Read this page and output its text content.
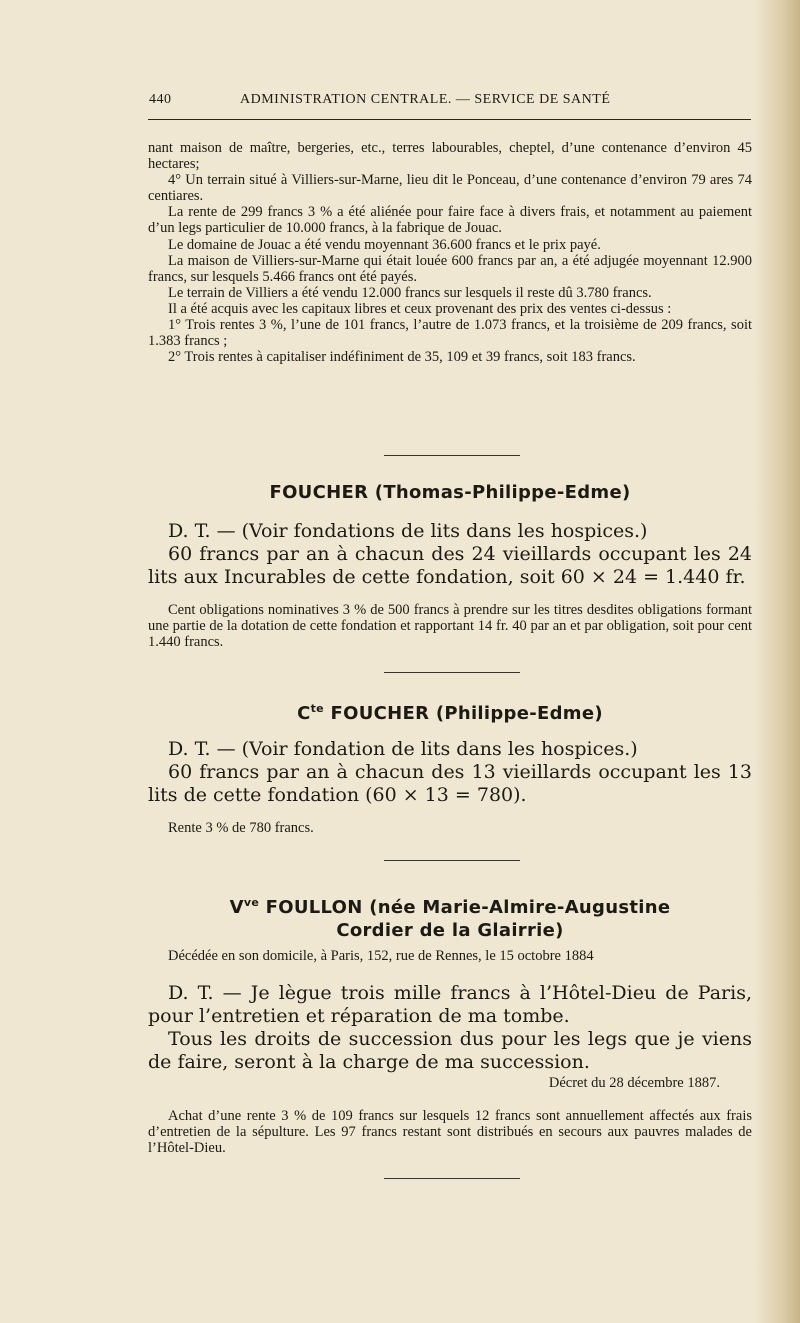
440	ADMINISTRATION CENTRALE. — SERVICE DE SANTÉ

nant maison de maître, bergeries, etc., terres labourables, cheptel, d’une contenance d’environ 45 hectares;

4° Un terrain situé à Villiers-sur-Marne, lieu dit le Ponceau, d’une contenance d’environ 79 ares 74 centiares.

La rente de 299 francs 3 % a été aliénée pour faire face à divers frais, et notamment au paiement d’un legs particulier de 10.000 francs, à la fabrique de Jouac.

Le domaine de Jouac a été vendu moyennant 36.600 francs et le prix payé.

La maison de Villiers-sur-Marne qui était louée 600 francs par an, a été adjugée moyennant 12.900 francs, sur lesquels 5.466 francs ont été payés.

Le terrain de Villiers a été vendu 12.000 francs sur lesquels il reste dû 3.780 francs.

Il a été acquis avec les capitaux libres et ceux provenant des prix des ventes ci-dessus :

1° Trois rentes 3 %, l’une de 101 francs, l’autre de 1.073 francs, et la troisième de 209 francs, soit 1.383 francs ;

2° Trois rentes à capitaliser indéfiniment de 35, 109 et 39 francs, soit 183 francs.

FOUCHER (Thomas-Philippe-Edme)

D. T. — (Voir fondations de lits dans les hospices.)

60 francs par an à chacun des 24 vieillards occupant les 24 lits aux Incurables de cette fondation, soit 60 × 24 = 1.440 fr.

Cent obligations nominatives 3 % de 500 francs à prendre sur les titres desdites obligations formant une partie de la dotation de cette fondation et rapportant 14 fr. 40 par an et par obligation, soit pour cent 1.440 francs.

$C^{te}$ FOUCHER (Philippe-Edme)

D. T. — (Voir fondation de lits dans les hospices.)

60 francs par an à chacun des 13 vieillards occupant les 13 lits de cette fondation (60 × 13 = 780).

Rente 3 % de 780 francs.

$V^{ve}$ FOULLON (née Marie-Almire-Augustine
Cordier de la Glairrie)

Décédée en son domicile, à Paris, 152, rue de Rennes, le 15 octobre 1884

D. T. — Je lègue trois mille francs à l’Hôtel-Dieu de Paris, pour l’entretien et réparation de ma tombe.

Tous les droits de succession dus pour les legs que je viens de faire, seront à la charge de ma succession.

Décret du 28 décembre 1887.

Achat d’une rente 3 % de 109 francs sur lesquels 12 francs sont annuellement affectés aux frais d’entretien de la sépulture. Les 97 francs restant sont distribués en secours aux pauvres malades de l’Hôtel-Dieu.
